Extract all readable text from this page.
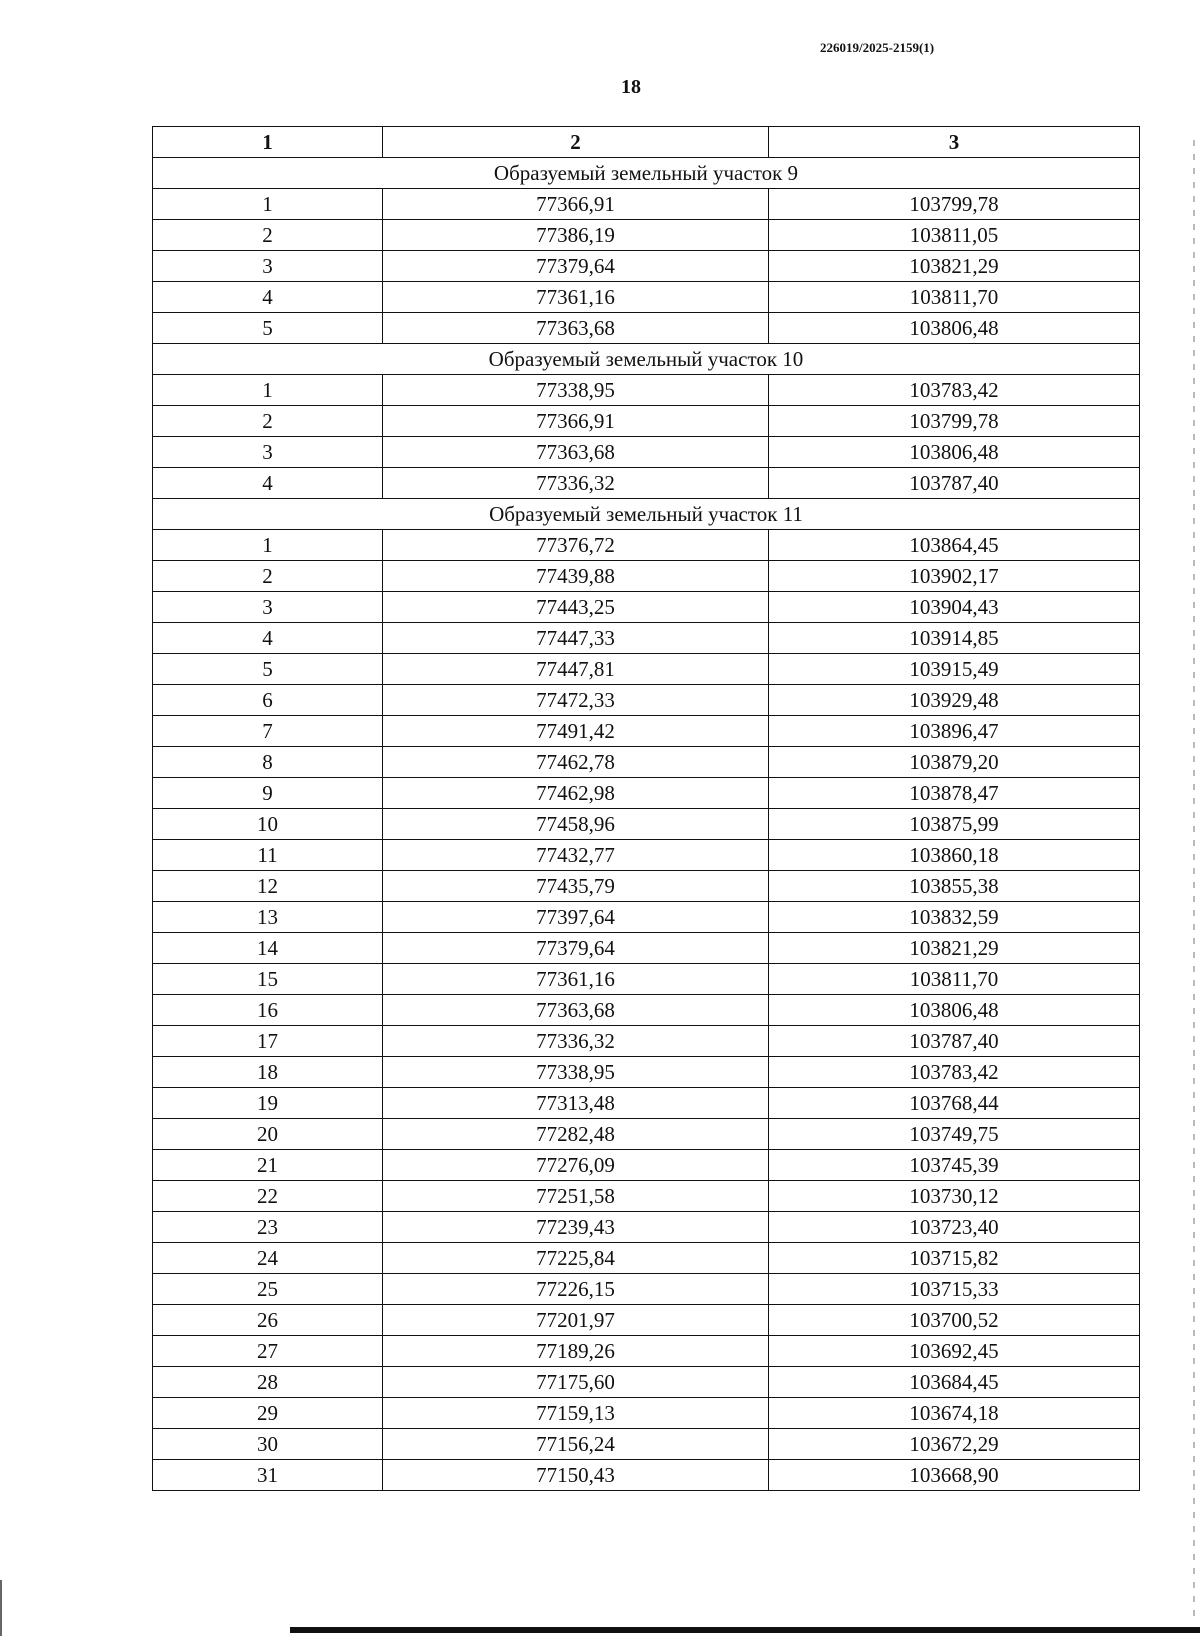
226019/2025-2159(1)
18
1	2	3
Образуемый земельный участок 9		
1	77366,91	103799,78
2	77386,19	103811,05
3	77379,64	103821,29
4	77361,16	103811,70
5	77363,68	103806,48
Образуемый земельный участок 10		
1	77338,95	103783,42
2	77366,91	103799,78
3	77363,68	103806,48
4	77336,32	103787,40
Образуемый земельный участок 11		
1	77376,72	103864,45
2	77439,88	103902,17
3	77443,25	103904,43
4	77447,33	103914,85
5	77447,81	103915,49
6	77472,33	103929,48
7	77491,42	103896,47
8	77462,78	103879,20
9	77462,98	103878,47
10	77458,96	103875,99
11	77432,77	103860,18
12	77435,79	103855,38
13	77397,64	103832,59
14	77379,64	103821,29
15	77361,16	103811,70
16	77363,68	103806,48
17	77336,32	103787,40
18	77338,95	103783,42
19	77313,48	103768,44
20	77282,48	103749,75
21	77276,09	103745,39
22	77251,58	103730,12
23	77239,43	103723,40
24	77225,84	103715,82
25	77226,15	103715,33
26	77201,97	103700,52
27	77189,26	103692,45
28	77175,60	103684,45
29	77159,13	103674,18
30	77156,24	103672,29
31	77150,43	103668,90
